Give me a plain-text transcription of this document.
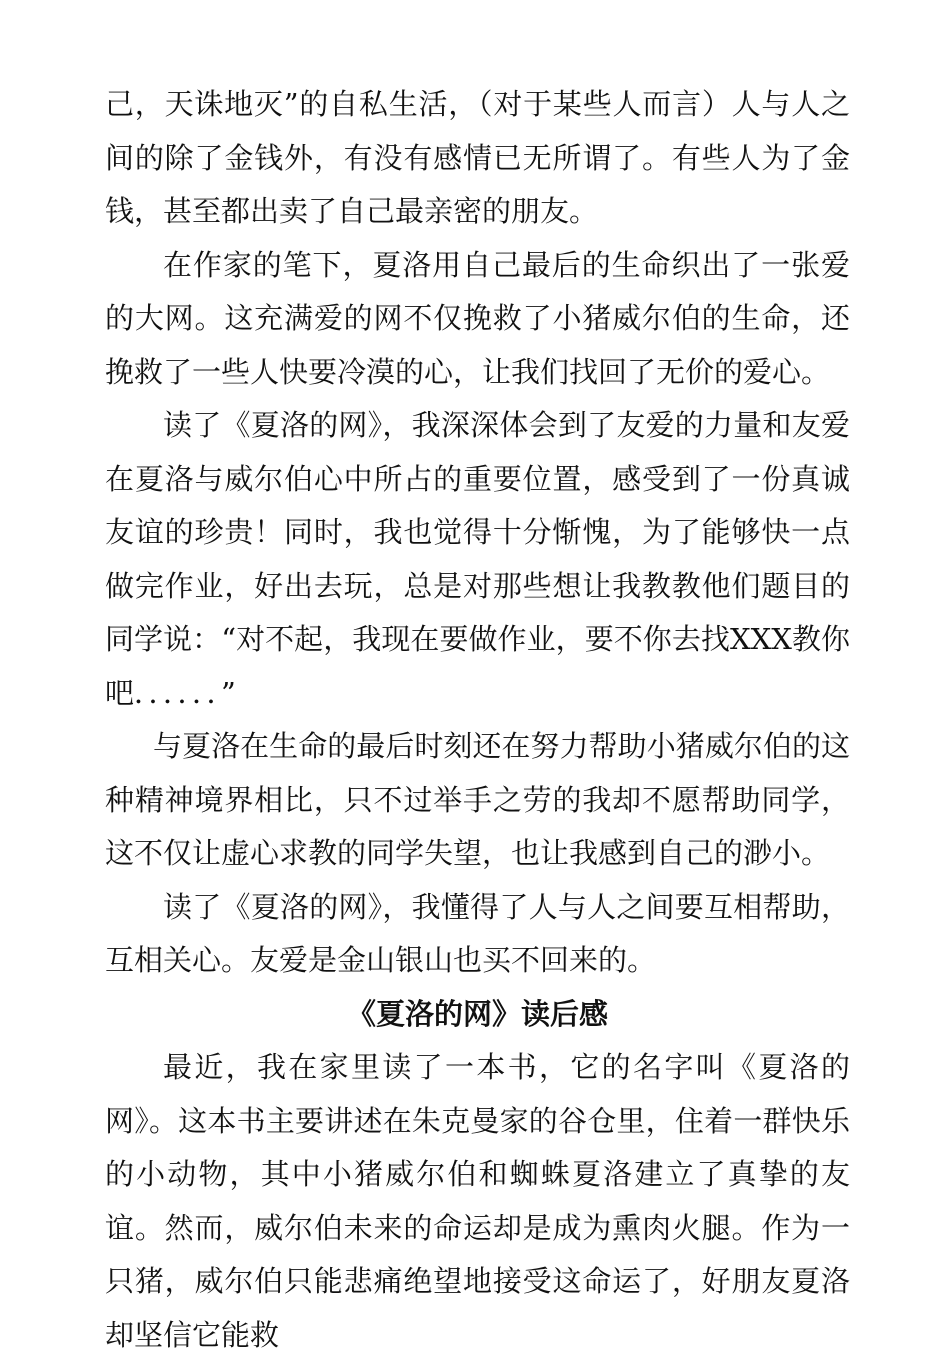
己，天诛地灭”的自私生活，（对于某些人而言）人与人之间的除了金钱外，有没有感情已无所谓了。有些人为了金钱，甚至都出卖了自己最亲密的朋友。

在作家的笔下，夏洛用自己最后的生命织出了一张爱的大网。这充满爱的网不仅挽救了小猪威尔伯的生命，还挽救了一些人快要冷漠的心，让我们找回了无价的爱心。

读了《夏洛的网》，我深深体会到了友爱的力量和友爱在夏洛与威尔伯心中所占的重要位置，感受到了一份真诚友谊的珍贵！同时，我也觉得十分惭愧，为了能够快一点做完作业，好出去玩，总是对那些想让我教教他们题目的同学说：“对不起，我现在要做作业，要不你去找XXX教你吧．．．．．．”

与夏洛在生命的最后时刻还在努力帮助小猪威尔伯的这种精神境界相比，只不过举手之劳的我却不愿帮助同学，这不仅让虚心求教的同学失望，也让我感到自己的渺小。

读了《夏洛的网》，我懂得了人与人之间要互相帮助，互相关心。友爱是金山银山也买不回来的。

《夏洛的网》读后感

最近，我在家里读了一本书，它的名字叫《夏洛的网》。这本书主要讲述在朱克曼家的谷仓里，住着一群快乐的小动物，其中小猪威尔伯和蜘蛛夏洛建立了真挚的友谊。然而，威尔伯未来的命运却是成为熏肉火腿。作为一只猪，威尔伯只能悲痛绝望地接受这命运了，好朋友夏洛却坚信它能救
